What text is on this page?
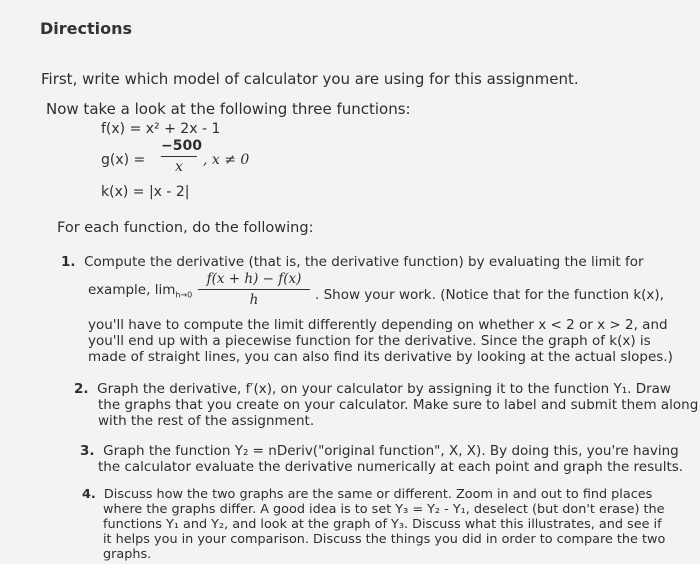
Directions
First, write which model of calculator you are using for this assignment.
Now take a look at the following three functions:
f(x) = x² + 2x - 1
g(x) =
−500
x	, x ≠ 0
k(x) = |x - 2|
For each function, do the following:
1. Compute the derivative (that is, the derivative function) by evaluating the limit for
example, $\lim_{h\to 0}$
f(x + h) − f(x)
h	. Show your work. (Notice that for the function k(x),
you'll have to compute the limit differently depending on whether x < 2 or x > 2, and
you'll end up with a piecewise function for the derivative. Since the graph of k(x) is
made of straight lines, you can also find its derivative by looking at the actual slopes.)
2. Graph the derivative, f′(x), on your calculator by assigning it to the function Y₁. Draw
the graphs that you create on your calculator. Make sure to label and submit them along
with the rest of the assignment.
3. Graph the function Y₂ = nDeriv("original function", X, X). By doing this, you're having
the calculator evaluate the derivative numerically at each point and graph the results.
4. Discuss how the two graphs are the same or different. Zoom in and out to find places
where the graphs differ. A good idea is to set Y₃ = Y₂ - Y₁, deselect (but don't erase) the
functions Y₁ and Y₂, and look at the graph of Y₃. Discuss what this illustrates, and see if
it helps you in your comparison. Discuss the things you did in order to compare the two
graphs.
